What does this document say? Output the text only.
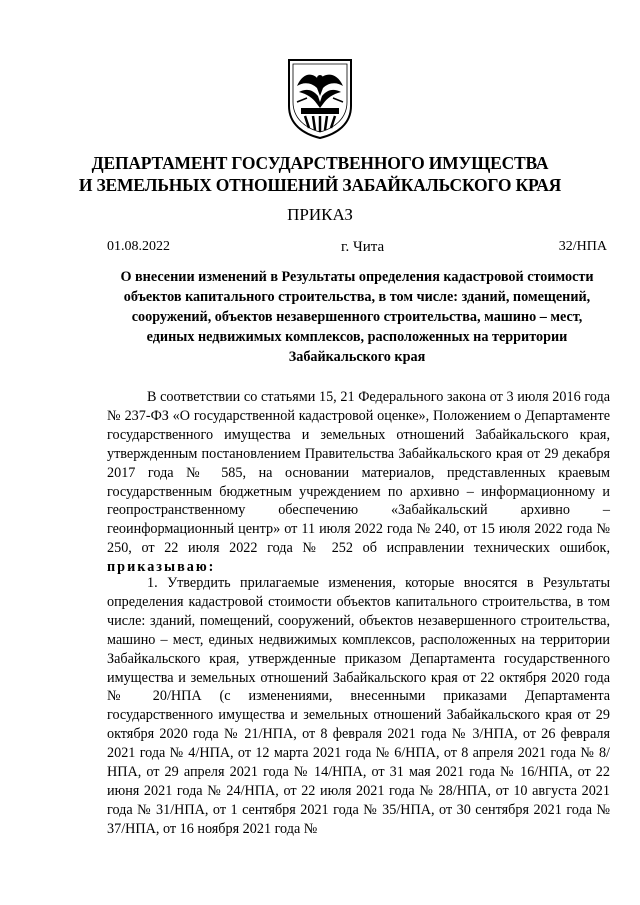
ДЕПАРТАМЕНТ ГОСУДАРСТВЕННОГО ИМУЩЕСТВА
И ЗЕМЕЛЬНЫХ ОТНОШЕНИЙ ЗАБАЙКАЛЬСКОГО КРАЯ
ПРИКАЗ
01.08.2022	г. Чита	32/НПА
О внесении изменений в Результаты определения кадастровой стоимости объектов капитального строительства, в том числе: зданий, помещений, сооружений, объектов незавершенного строительства, машино – мест, единых недвижимых комплексов, расположенных на территории Забайкальского края

В соответствии со статьями 15, 21 Федерального закона от 3 июля 2016 года № 237-ФЗ «О государственной кадастровой оценке», Положением о Департаменте государственного имущества и земельных отношений Забайкальского края, утвержденным постановлением Правительства Забайкальского края от 29 декабря 2017 года № 585, на основании материалов, представленных краевым государственным бюджетным учреждением по архивно – информационному и геопространственному обеспечению «Забайкальский архивно – геоинформационный центр» от 11 июля 2022 года № 240, от 15 июля 2022 года № 250, от 22 июля 2022 года № 252 об исправлении технических ошибок, приказываю:

1. Утвердить прилагаемые изменения, которые вносятся в Результаты определения кадастровой стоимости объектов капитального строительства, в том числе: зданий, помещений, сооружений, объектов незавершенного строительства, машино – мест, единых недвижимых комплексов, расположенных на территории Забайкальского края, утвержденные приказом Департамента государственного имущества и земельных отношений Забайкальского края от 22 октября 2020 года № 20/НПА (с изменениями, внесенными приказами Департамента государственного имущества и земельных отношений Забайкальского края от 29 октября 2020 года № 21/НПА, от 8 февраля 2021 года № 3/НПА, от 26 февраля 2021 года № 4/НПА, от 12 марта 2021 года № 6/НПА, от 8 апреля 2021 года № 8/НПА, от 29 апреля 2021 года № 14/НПА, от 31 мая 2021 года № 16/НПА, от 22 июня 2021 года № 24/НПА, от 22 июля 2021 года № 28/НПА, от 10 августа 2021 года № 31/НПА, от 1 сентября 2021 года № 35/НПА, от 30 сентября 2021 года № 37/НПА, от 16 ноября 2021 года №
